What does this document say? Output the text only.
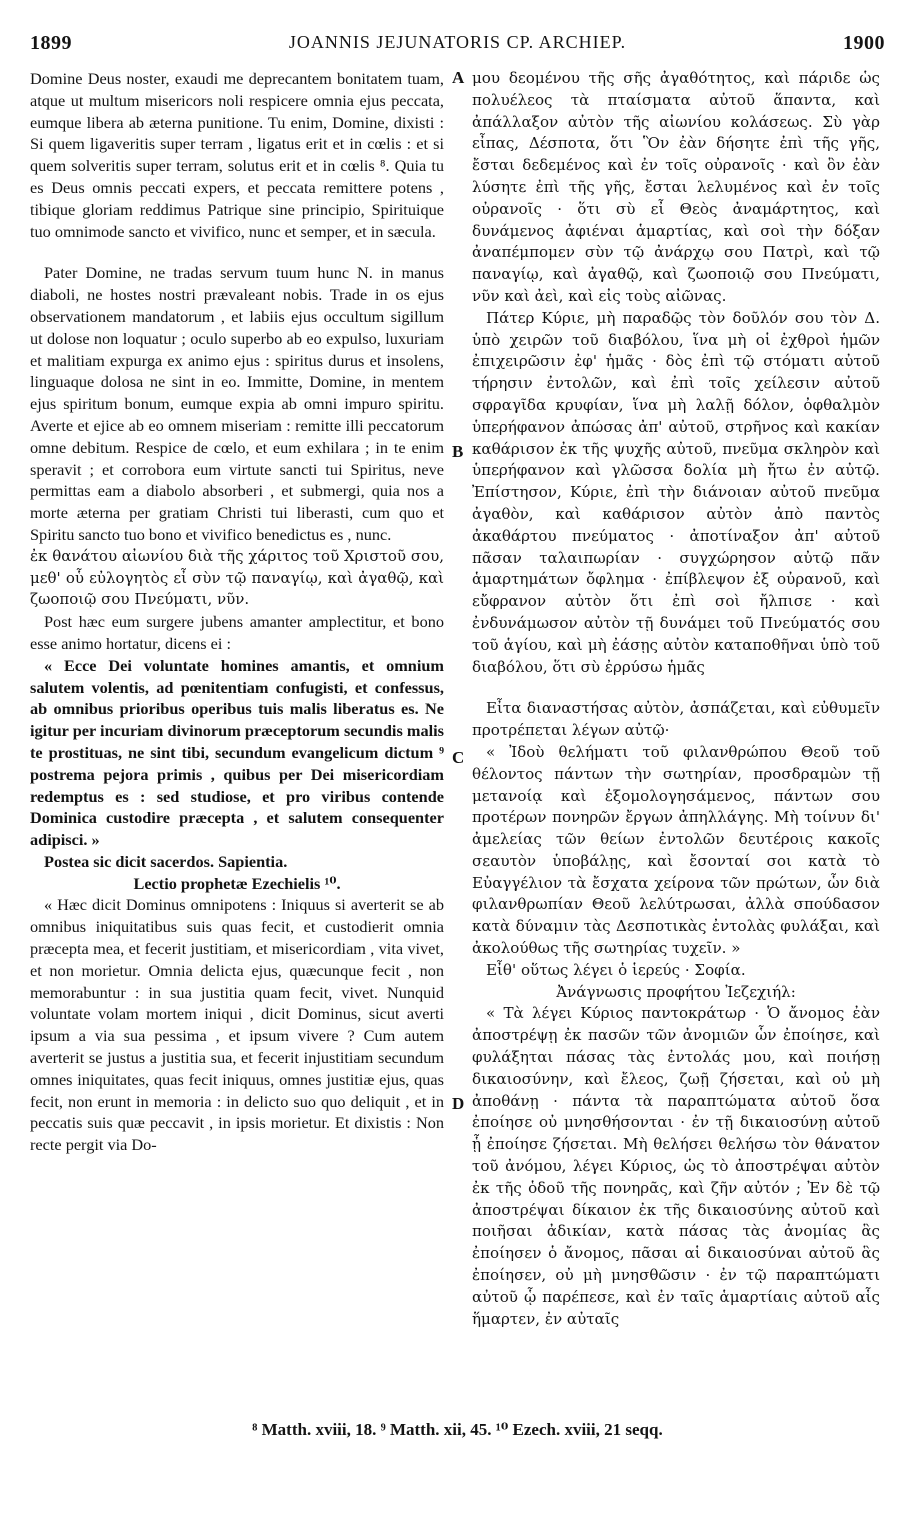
1899	JOANNIS JEJUNATORIS CP. ARCHIEP.	1900

Domine Deus noster, exaudi me deprecantem bonitatem tuam, atque ut multum misericors noli respicere omnia ejus peccata, eumque libera ab æterna punitione. Tu enim, Domine, dixisti : Si quem ligaveritis super terram , ligatus erit et in cœlis : et si quem solveritis super terram, solutus erit et in cœlis ⁸. Quia tu es Deus omnis peccati expers, et peccata remittere potens , tibique gloriam reddimus Patrique sine principio, Spirituique tuo omnimode sancto et vivifico, nunc et semper, et in sæcula.

Pater Domine, ne tradas servum tuum hunc N. in manus diaboli, ne hostes nostri prævaleant nobis. Trade in os ejus observationem mandatorum , et labiis ejus occultum sigillum ut dolose non loquatur ; oculo superbo ab eo expulso, luxuriam et malitiam expurga ex animo ejus : spiritus durus et insolens, linguaque dolosa ne sint in eo. Immitte, Domine, in mentem ejus spiritum bonum, eumque expia ab omni impuro spiritu. Averte et ejice ab eo omnem miseriam : remitte illi peccatorum omne debitum. Respice de cœlo, et eum exhilara ; in te enim speravit ; et corrobora eum virtute sancti tui Spiritus, neve permittas eam a diabolo absorberi , et submergi, quia nos a morte æterna per gratiam Christi tui liberasti, cum quo et Spiritu sancto tuo bono et vivifico benedictus es , nunc.

ἐκ θανάτου αἰωνίου διὰ τῆς χάριτος τοῦ Χριστοῦ σου, μεθ' οὗ εὐλογητὸς εἶ σὺν τῷ παναγίῳ, καὶ ἀγαθῷ, καὶ ζωοποιῷ σου Πνεύματι, νῦν.

Post hæc eum surgere jubens amanter amplectitur, et bono esse animo hortatur, dicens ei :

« Ecce Dei voluntate homines amantis, et omnium salutem volentis, ad pœnitentiam confugisti, et confessus, ab omnibus prioribus operibus tuis malis liberatus es. Ne igitur per incuriam divinorum præceptorum secundis malis te prostituas, ne sint tibi, secundum evangelicum dictum ⁹ postrema pejora primis , quibus per Dei misericordiam redemptus es : sed studiose, et pro viribus contende Dominica custodire præcepta , et salutem consequenter adipisci. »

Postea sic dicit sacerdos. Sapientia.

Lectio prophetæ Ezechielis ¹⁰.

« Hæc dicit Dominus omnipotens : Iniquus si averterit se ab omnibus iniquitatibus suis quas fecit, et custodierit omnia præcepta mea, et fecerit justitiam, et misericordiam , vita vivet, et non morietur. Omnia delicta ejus, quæcunque fecit , non memorabuntur : in sua justitia quam fecit, vivet. Nunquid voluntate volam mortem iniqui , dicit Dominus, sicut averti ipsum a via sua pessima , et ipsum vivere ? Cum autem averterit se justus a justitia sua, et fecerit injustitiam secundum omnes iniquitates, quas fecit iniquus, omnes justitiæ ejus, quas fecit, non erunt in memoria : in delicto suo quo deliquit , et in peccatis suis quæ peccavit , in ipsis morietur. Et dixistis : Non recte pergit via Do-

A
B
C
D

μου δεομένου τῆς σῆς ἀγαθότητος, καὶ πάριδε ὡς πολυέλεος τὰ πταίσματα αὐτοῦ ἅπαντα, καὶ ἀπάλλαξον αὐτὸν τῆς αἰωνίου κολάσεως. Σὺ γὰρ εἶπας, Δέσποτα, ὅτι Ὃν ἐὰν δήσητε ἐπὶ τῆς γῆς, ἔσται δεδεμένος καὶ ἐν τοῖς οὐρανοῖς · καὶ ὃν ἐὰν λύσητε ἐπὶ τῆς γῆς, ἔσται λελυμένος καὶ ἐν τοῖς οὐρανοῖς · ὅτι σὺ εἶ Θεὸς ἀναμάρτητος, καὶ δυνάμενος ἀφιέναι ἁμαρτίας, καὶ σοὶ τὴν δόξαν ἀναπέμπομεν σὺν τῷ ἀνάρχῳ σου Πατρὶ, καὶ τῷ παναγίῳ, καὶ ἀγαθῷ, καὶ ζωοποιῷ σου Πνεύματι, νῦν καὶ ἀεὶ, καὶ εἰς τοὺς αἰῶνας.

Πάτερ Κύριε, μὴ παραδῷς τὸν δοῦλόν σου τὸν Δ. ὑπὸ χειρῶν τοῦ διαβόλου, ἵνα μὴ οἱ ἐχθροὶ ἡμῶν ἐπιχειρῶσιν ἐφ' ἡμᾶς · δὸς ἐπὶ τῷ στόματι αὐτοῦ τήρησιν ἐντολῶν, καὶ ἐπὶ τοῖς χείλεσιν αὐτοῦ σφραγῖδα κρυφίαν, ἵνα μὴ λαλῇ δόλον, ὀφθαλμὸν ὑπερήφανον ἀπώσας ἀπ' αὐτοῦ, στρῆνος καὶ κακίαν καθάρισον ἐκ τῆς ψυχῆς αὐτοῦ, πνεῦμα σκληρὸν καὶ ὑπερήφανον καὶ γλῶσσα δολία μὴ ἤτω ἐν αὐτῷ. Ἐπίστησον, Κύριε, ἐπὶ τὴν διάνοιαν αὐτοῦ πνεῦμα ἀγαθὸν, καὶ καθάρισον αὐτὸν ἀπὸ παντὸς ἀκαθάρτου πνεύματος · ἀποτίναξον ἀπ' αὐτοῦ πᾶσαν ταλαιπωρίαν · συγχώρησον αὐτῷ πᾶν ἁμαρτημάτων ὄφλημα · ἐπίβλεψον ἐξ οὐρανοῦ, καὶ εὔφρανον αὐτὸν ὅτι ἐπὶ σοὶ ἤλπισε · καὶ ἐνδυνάμωσον αὐτὸν τῇ δυνάμει τοῦ Πνεύματός σου τοῦ ἁγίου, καὶ μὴ ἐάσῃς αὐτὸν καταποθῆναι ὑπὸ τοῦ διαβόλου, ὅτι σὺ ἐρρύσω ἡμᾶς

Εἶτα διαναστήσας αὐτὸν, ἀσπάζεται, καὶ εὐθυμεῖν προτρέπεται λέγων αὐτῷ·

« Ἰδοὺ θελήματι τοῦ φιλανθρώπου Θεοῦ τοῦ θέλοντος πάντων τὴν σωτηρίαν, προσδραμὼν τῇ μετανοίᾳ καὶ ἐξομολογησάμενος, πάντων σου προτέρων πονηρῶν ἔργων ἀπηλλάγης. Μὴ τοίνυν δι' ἀμελείας τῶν θείων ἐντολῶν δευτέροις κακοῖς σεαυτὸν ὑποβάλῃς, καὶ ἔσονταί σοι κατὰ τὸ Εὐαγγέλιον τὰ ἔσχατα χείρονα τῶν πρώτων, ὧν διὰ φιλανθρωπίαν Θεοῦ λελύτρωσαι, ἀλλὰ σπούδασον κατὰ δύναμιν τὰς Δεσποτικὰς ἐντολὰς φυλάξαι, καὶ ἀκολούθως τῆς σωτηρίας τυχεῖν. »

Εἶθ' οὕτως λέγει ὁ ἱερεύς · Σοφία.

Ἀνάγνωσις προφήτου Ἰεζεχιήλ:

« Τὰ λέγει Κύριος παντοκράτωρ · Ὁ ἄνομος ἐὰν ἀποστρέψῃ ἐκ πασῶν τῶν ἀνομιῶν ὧν ἐποίησε, καὶ φυλάξηται πάσας τὰς ἐντολάς μου, καὶ ποιήσῃ δικαιοσύνην, καὶ ἔλεος, ζωῇ ζήσεται, καὶ οὐ μὴ ἀποθάνῃ · πάντα τὰ παραπτώματα αὐτοῦ ὅσα ἐποίησε οὐ μνησθήσονται · ἐν τῇ δικαιοσύνῃ αὐτοῦ ᾗ ἐποίησε ζήσεται. Μὴ θελήσει θελήσω τὸν θάνατον τοῦ ἀνόμου, λέγει Κύριος, ὡς τὸ ἀποστρέψαι αὐτὸν ἐκ τῆς ὁδοῦ τῆς πονηρᾶς, καὶ ζῆν αὐτόν ; Ἐν δὲ τῷ ἀποστρέψαι δίκαιον ἐκ τῆς δικαιοσύνης αὐτοῦ καὶ ποιῆσαι ἀδικίαν, κατὰ πάσας τὰς ἀνομίας ἃς ἐποίησεν ὁ ἄνομος, πᾶσαι αἱ δικαιοσύναι αὐτοῦ ἃς ἐποίησεν, οὐ μὴ μνησθῶσιν · ἐν τῷ παραπτώματι αὐτοῦ ᾧ παρέπεσε, καὶ ἐν ταῖς ἁμαρτίαις αὐτοῦ αἷς ἥμαρτεν, ἐν αὐταῖς

⁸ Matth. xviii, 18. ⁹ Matth. xii, 45. ¹⁰ Ezech. xviii, 21 seqq.
